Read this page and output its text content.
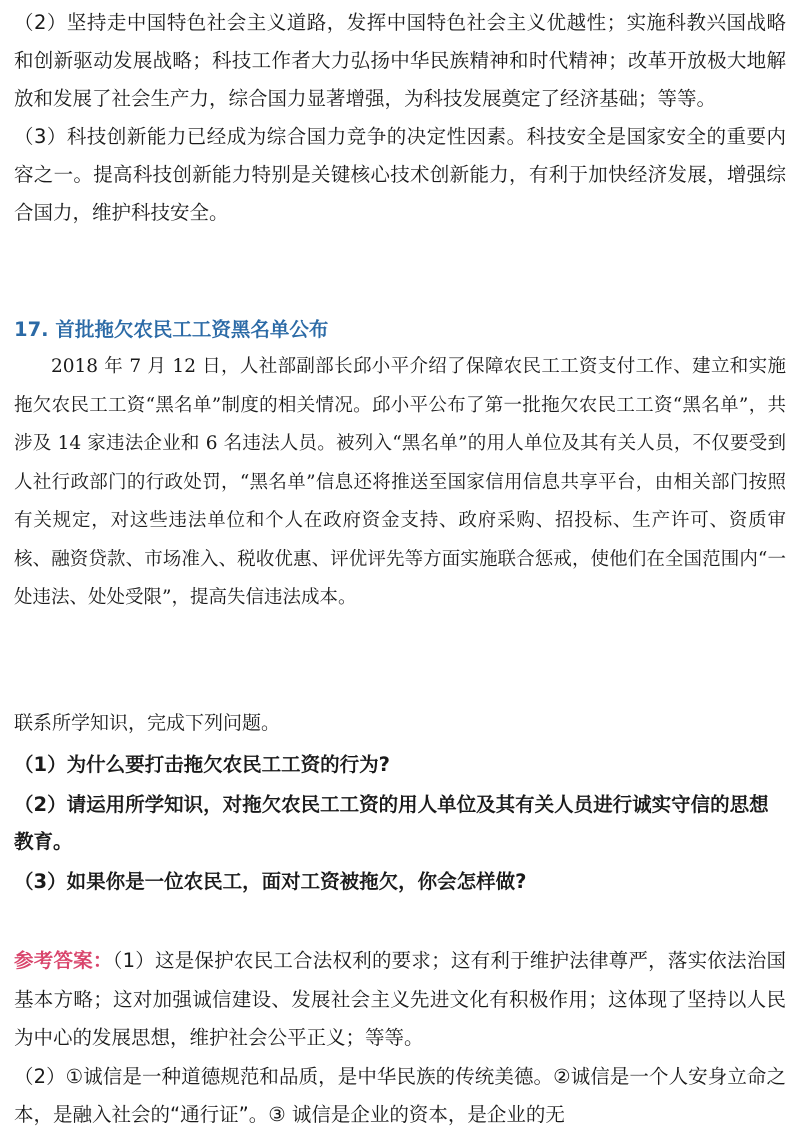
（2）坚持走中国特色社会主义道路，发挥中国特色社会主义优越性；实施科教兴国战略和创新驱动发展战略；科技工作者大力弘扬中华民族精神和时代精神；改革开放极大地解放和发展了社会生产力，综合国力显著增强，为科技发展奠定了经济基础；等等。

（3）科技创新能力已经成为综合国力竞争的决定性因素。科技安全是国家安全的重要内容之一。提高科技创新能力特别是关键核心技术创新能力，有利于加快经济发展，增强综合国力，维护科技安全。

17. 首批拖欠农民工工资黑名单公布

2018 年 7 月 12 日，人社部副部长邱小平介绍了保障农民工工资支付工作、建立和实施拖欠农民工工资“黑名单”制度的相关情况。邱小平公布了第一批拖欠农民工工资“黑名单”，共涉及 14 家违法企业和 6 名违法人员。被列入“黑名单”的用人单位及其有关人员，不仅要受到人社行政部门的行政处罚，“黑名单”信息还将推送至国家信用信息共享平台，由相关部门按照有关规定，对这些违法单位和个人在政府资金支持、政府采购、招投标、生产许可、资质审核、融资贷款、市场准入、税收优惠、评优评先等方面实施联合惩戒，使他们在全国范围内“一处违法、处处受限”，提高失信违法成本。

联系所学知识，完成下列问题。

（1）为什么要打击拖欠农民工工资的行为?

（2）请运用所学知识，对拖欠农民工工资的用人单位及其有关人员进行诚实守信的思想教育。

（3）如果你是一位农民工，面对工资被拖欠，你会怎样做?

参考答案：（1）这是保护农民工合法权利的要求；这有利于维护法律尊严，落实依法治国基本方略；这对加强诚信建设、发展社会主义先进文化有积极作用；这体现了坚持以人民为中心的发展思想，维护社会公平正义；等等。

（2）①诚信是一种道德规范和品质，是中华民族的传统美德。②诚信是一个人安身立命之本，是融入社会的“通行证”。③ 诚信是企业的资本，是企业的无
